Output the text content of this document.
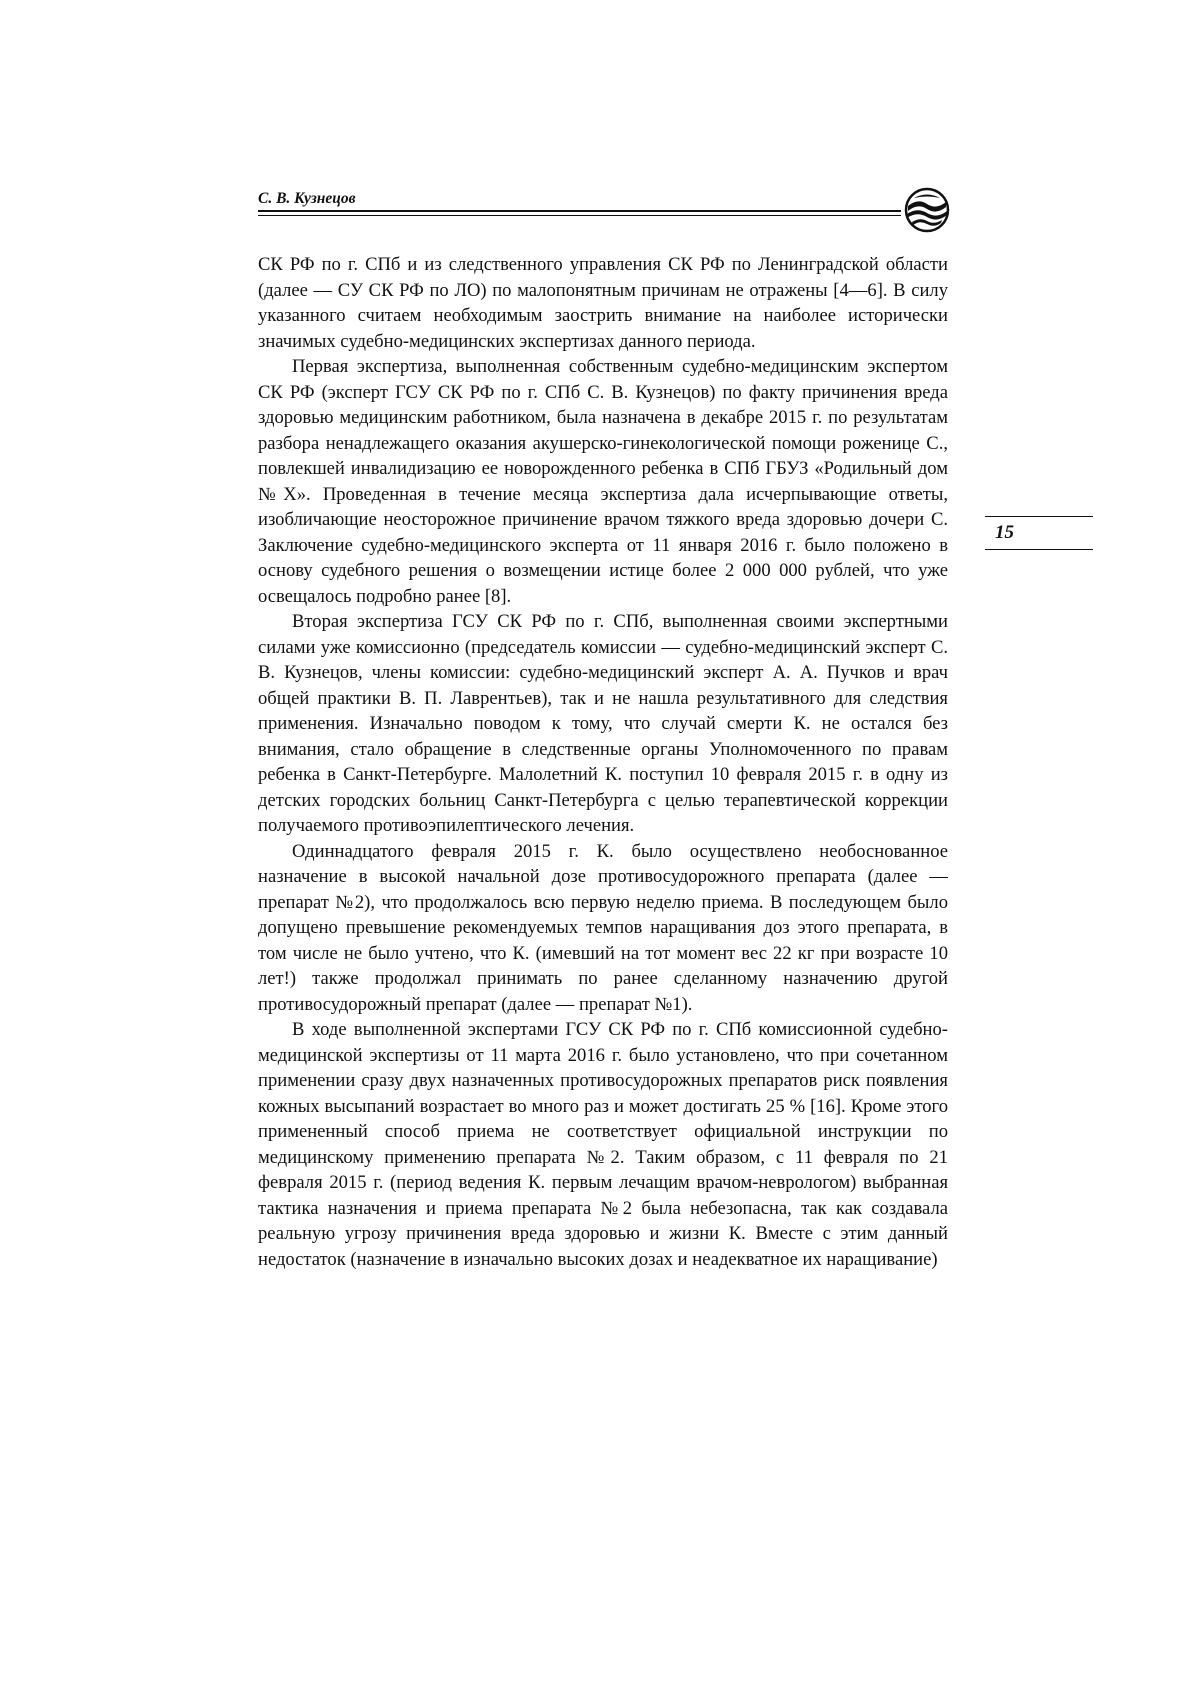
С. В. Кузнецов
15

СК РФ по г. СПб и из следственного управления СК РФ по Ленинградской области (далее — СУ СК РФ по ЛО) по малопонятным причинам не отражены [4—6]. В силу указанного считаем необходимым заострить внимание на наиболее исторически значимых судебно-медицинских экспертизах данного периода.

Первая экспертиза, выполненная собственным судебно-медицинским экспертом СК РФ (эксперт ГСУ СК РФ по г. СПб С. В. Кузнецов) по факту причинения вреда здоровью медицинским работником, была назначена в декабре 2015 г. по результатам разбора ненадлежащего оказания акушерско-гинекологической помощи роженице С., повлекшей инвалидизацию ее новорожденного ребенка в СПб ГБУЗ «Родильный дом №Х». Проведенная в течение месяца экспертиза дала исчерпывающие ответы, изобличающие неосторожное причинение врачом тяжкого вреда здоровью дочери С. Заключение судебно-медицинского эксперта от 11 января 2016 г. было положено в основу судебного решения о возмещении истице более 2 000 000 рублей, что уже освещалось подробно ранее [8].

Вторая экспертиза ГСУ СК РФ по г. СПб, выполненная своими экспертными силами уже комиссионно (председатель комиссии — судебно-медицинский эксперт С. В. Кузнецов, члены комиссии: судебно-медицинский эксперт А. А. Пучков и врач общей практики В. П. Лаврентьев), так и не нашла результативного для следствия применения. Изначально поводом к тому, что случай смерти К. не остался без внимания, стало обращение в следственные органы Уполномоченного по правам ребенка в Санкт-Петербурге. Малолетний К. поступил 10 февраля 2015 г. в одну из детских городских больниц Санкт-Петербурга с целью терапевтической коррекции получаемого противоэпилептического лечения.

Одиннадцатого февраля 2015 г. К. было осуществлено необоснованное назначение в высокой начальной дозе противосудорожного препарата (далее — препарат №2), что продолжалось всю первую неделю приема. В последующем было допущено превышение рекомендуемых темпов наращивания доз этого препарата, в том числе не было учтено, что К. (имевший на тот момент вес 22 кг при возрасте 10 лет!) также продолжал принимать по ранее сделанному назначению другой противосудорожный препарат (далее — препарат №1).

В ходе выполненной экспертами ГСУ СК РФ по г. СПб комиссионной судебно-медицинской экспертизы от 11 марта 2016 г. было установлено, что при сочетанном применении сразу двух назначенных противосудорожных препаратов риск появления кожных высыпаний возрастает во много раз и может достигать 25 % [16]. Кроме этого примененный способ приема не соответствует официальной инструкции по медицинскому применению препарата №2. Таким образом, с 11 февраля по 21 февраля 2015 г. (период ведения К. первым лечащим врачом-неврологом) выбранная тактика назначения и приема препарата №2 была небезопасна, так как создавала реальную угрозу причинения вреда здоровью и жизни К. Вместе с этим данный недостаток (назначение в изначально высоких дозах и неадекватное их наращивание)
